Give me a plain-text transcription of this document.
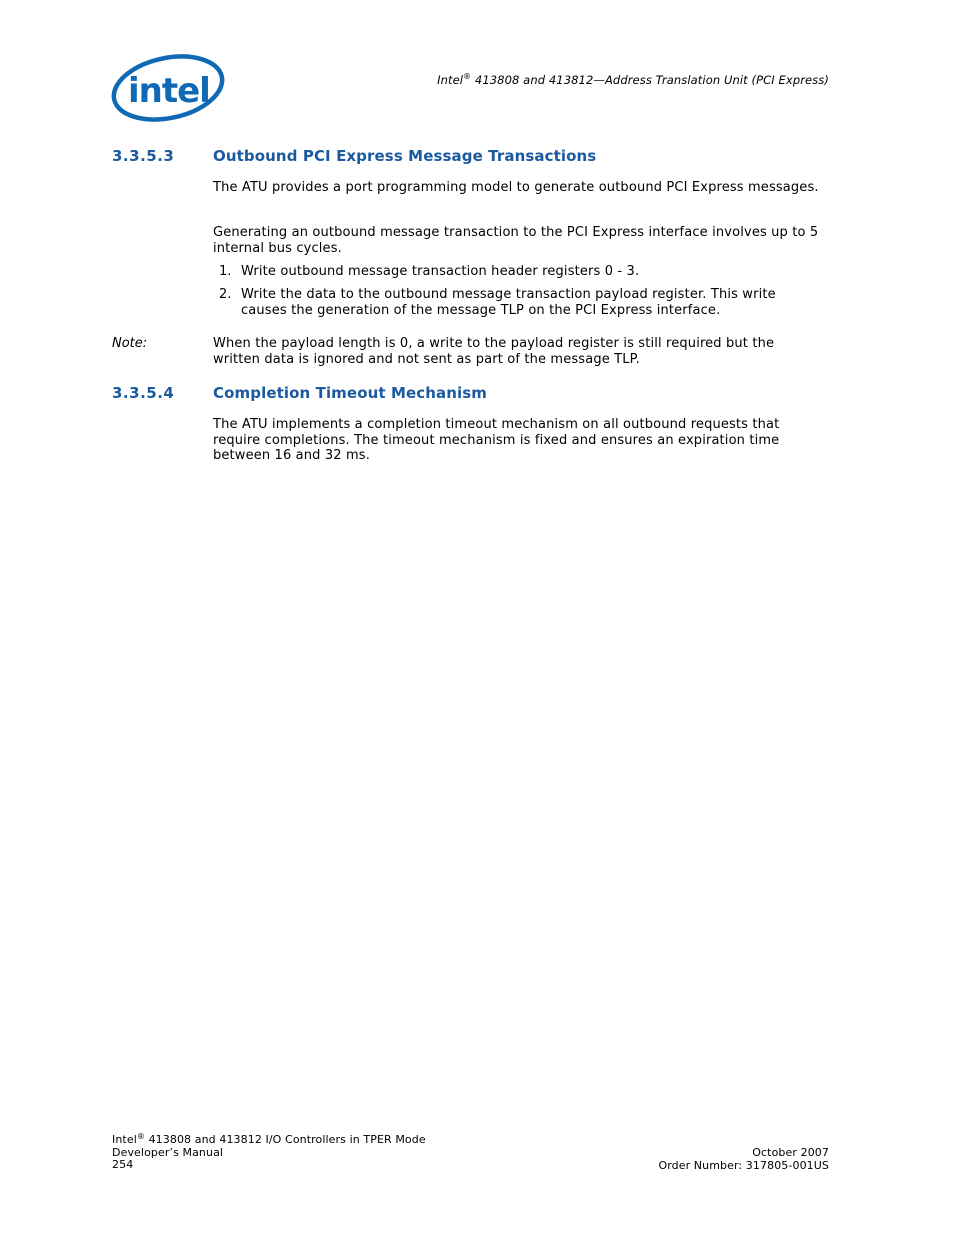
intel	Intel® 413808 and 413812—Address Translation Unit (PCI Express)
3.3.5.3	Outbound PCI Express Message Transactions
The ATU provides a port programming model to generate outbound PCI Express messages.
Generating an outbound message transaction to the PCI Express interface involves up to 5 internal bus cycles.
1. Write outbound message transaction header registers 0 - 3.
2. Write the data to the outbound message transaction payload register. This write causes the generation of the message TLP on the PCI Express interface.
Note:	When the payload length is 0, a write to the payload register is still required but the written data is ignored and not sent as part of the message TLP.
3.3.5.4	Completion Timeout Mechanism
The ATU implements a completion timeout mechanism on all outbound requests that require completions. The timeout mechanism is fixed and ensures an expiration time between 16 and 32 ms.
Intel® 413808 and 413812 I/O Controllers in TPER Mode
Developer’s Manual
254
October 2007
Order Number: 317805-001US
